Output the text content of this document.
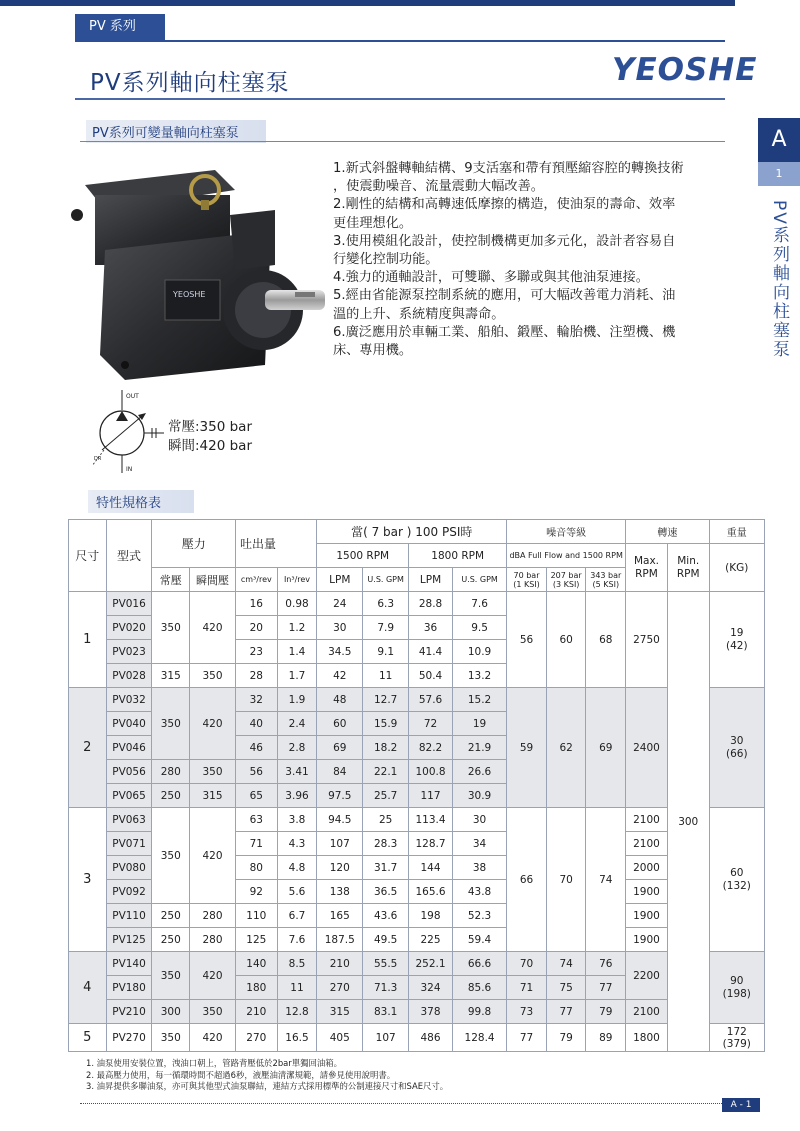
PV 系列
PV系列軸向柱塞泵	YEOSHE
PV系列可變量軸向柱塞泵	A
1
PV系列軸向柱塞泵
YEOSHE
1.新式斜盤轉軸結構、9支活塞和帶有預壓縮容腔的轉換技術
，使震動噪音、流量震動大幅改善。
2.剛性的結構和高轉速低摩擦的構造，使油泵的壽命、效率
更佳理想化。
3.使用模組化設計，使控制機構更加多元化，設計者容易自
行變化控制功能。
4.強力的通軸設計，可雙聯、多聯或與其他油泵連接。
5.經由省能源泵控制系統的應用，可大幅改善電力消耗、油
溫的上升、系統精度與壽命。
6.廣泛應用於車輛工業、船舶、鍛壓、輪胎機、注塑機、機
床、專用機。
OUT
IN
DR
常壓:350 bar
瞬間:420 bar
特性規格表
尺寸	型式	壓力		吐出量		當( 7 bar ) 100 PSI時				噪音等級			轉速		重量
						1500 RPM		1800 RPM		dBA Full Flow and 1500 RPM			Max.
RPM	Min.
RPM	(KG)
		常壓	瞬間壓	cm³/rev	In³/rev	LPM	U.S. GPM	LPM	U.S. GPM	70 bar
(1 KSI)	207 bar
(3 KSI)	343 bar
(5 KSI)			
1	PV016	350	420	16	0.98	24	6.3	28.8	7.6	56	60	68	2750	300	19
(42)
	PV020			20	1.2	30	7.9	36	9.5						
	PV023			23	1.4	34.5	9.1	41.4	10.9						
	PV028	315	350	28	1.7	42	11	50.4	13.2						
2	PV032	350	420	32	1.9	48	12.7	57.6	15.2	59	62	69	2400		30
(66)
	PV040			40	2.4	60	15.9	72	19						
	PV046			46	2.8	69	18.2	82.2	21.9						
	PV056	280	350	56	3.41	84	22.1	100.8	26.6						
	PV065	250	315	65	3.96	97.5	25.7	117	30.9						
3	PV063	350	420	63	3.8	94.5	25	113.4	30	66	70	74	2100		60
(132)
	PV071			71	4.3	107	28.3	128.7	34				2100		
	PV080			80	4.8	120	31.7	144	38				2000		
	PV092			92	5.6	138	36.5	165.6	43.8				1900		
	PV110	250	280	110	6.7	165	43.6	198	52.3				1900		
	PV125	250	280	125	7.6	187.5	49.5	225	59.4				1900		
4	PV140	350	420	140	8.5	210	55.5	252.1	66.6	70	74	76	2200		90
(198)
	PV180			180	11	270	71.3	324	85.6	71	75	77			
	PV210	300	350	210	12.8	315	83.1	378	99.8	73	77	79	2100		
5	PV270	350	420	270	16.5	405	107	486	128.4	77	79	89	1800		172
(379)
1. 油泵使用安裝位置，洩油口朝上，管路背壓低於2bar單獨回油箱。
2. 最高壓力使用，每一循環時間不超過6秒，液壓油清潔規範，請參見使用說明書。
3. 油昇提供多聯油泵，亦可與其他型式油泵聯結，連結方式採用標準的公制連接尺寸和SAE尺寸。
A - 1
